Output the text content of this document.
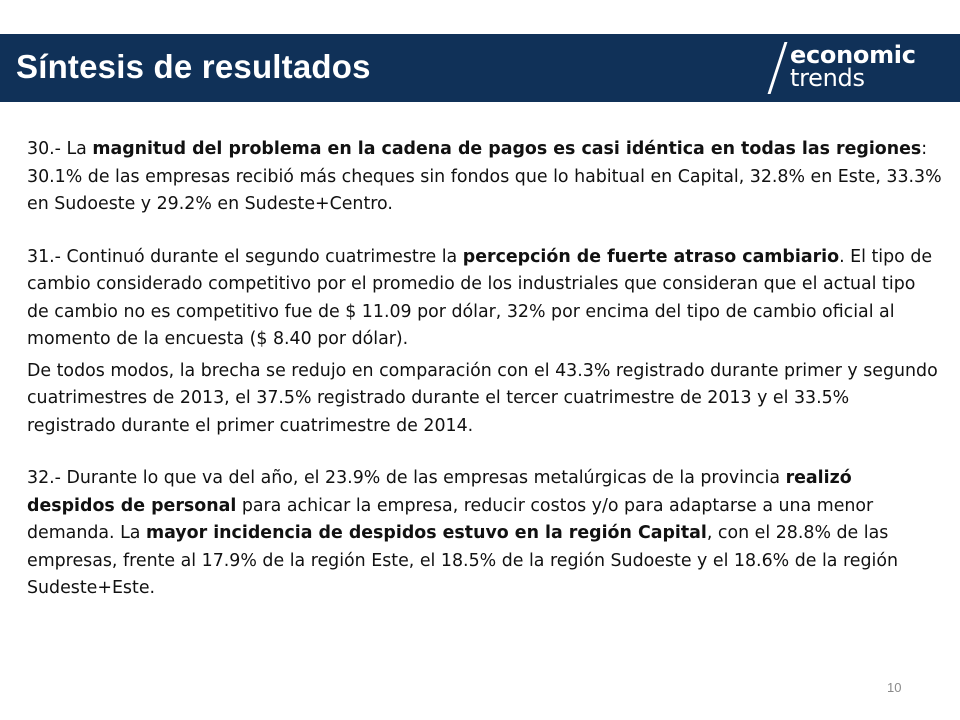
Síntesis de resultados	economic
trends

30.- La magnitud del problema en la cadena de pagos es casi idéntica en todas las regiones: 30.1% de las empresas recibió más cheques sin fondos que lo habitual en Capital, 32.8% en Este, 33.3% en Sudoeste y 29.2% en Sudeste+Centro.

31.- Continuó durante el segundo cuatrimestre la percepción de fuerte atraso cambiario. El tipo de cambio considerado competitivo por el promedio de los industriales que consideran que el actual tipo de cambio no es competitivo fue de $ 11.09 por dólar, 32% por encima del tipo de cambio oficial al momento de la encuesta ($ 8.40 por dólar).

De todos modos, la brecha se redujo en comparación con el 43.3% registrado durante primer y segundo cuatrimestres de 2013, el 37.5% registrado durante el tercer cuatrimestre de 2013 y el 33.5% registrado durante el primer cuatrimestre de 2014.

32.- Durante lo que va del año, el 23.9% de las empresas metalúrgicas de la provincia realizó despidos de personal para achicar la empresa, reducir costos y/o para adaptarse a una menor demanda. La mayor incidencia de despidos estuvo en la región Capital, con el 28.8% de las empresas, frente al 17.9% de la región Este, el 18.5% de la región Sudoeste y el 18.6% de la región Sudeste+Este.

10
